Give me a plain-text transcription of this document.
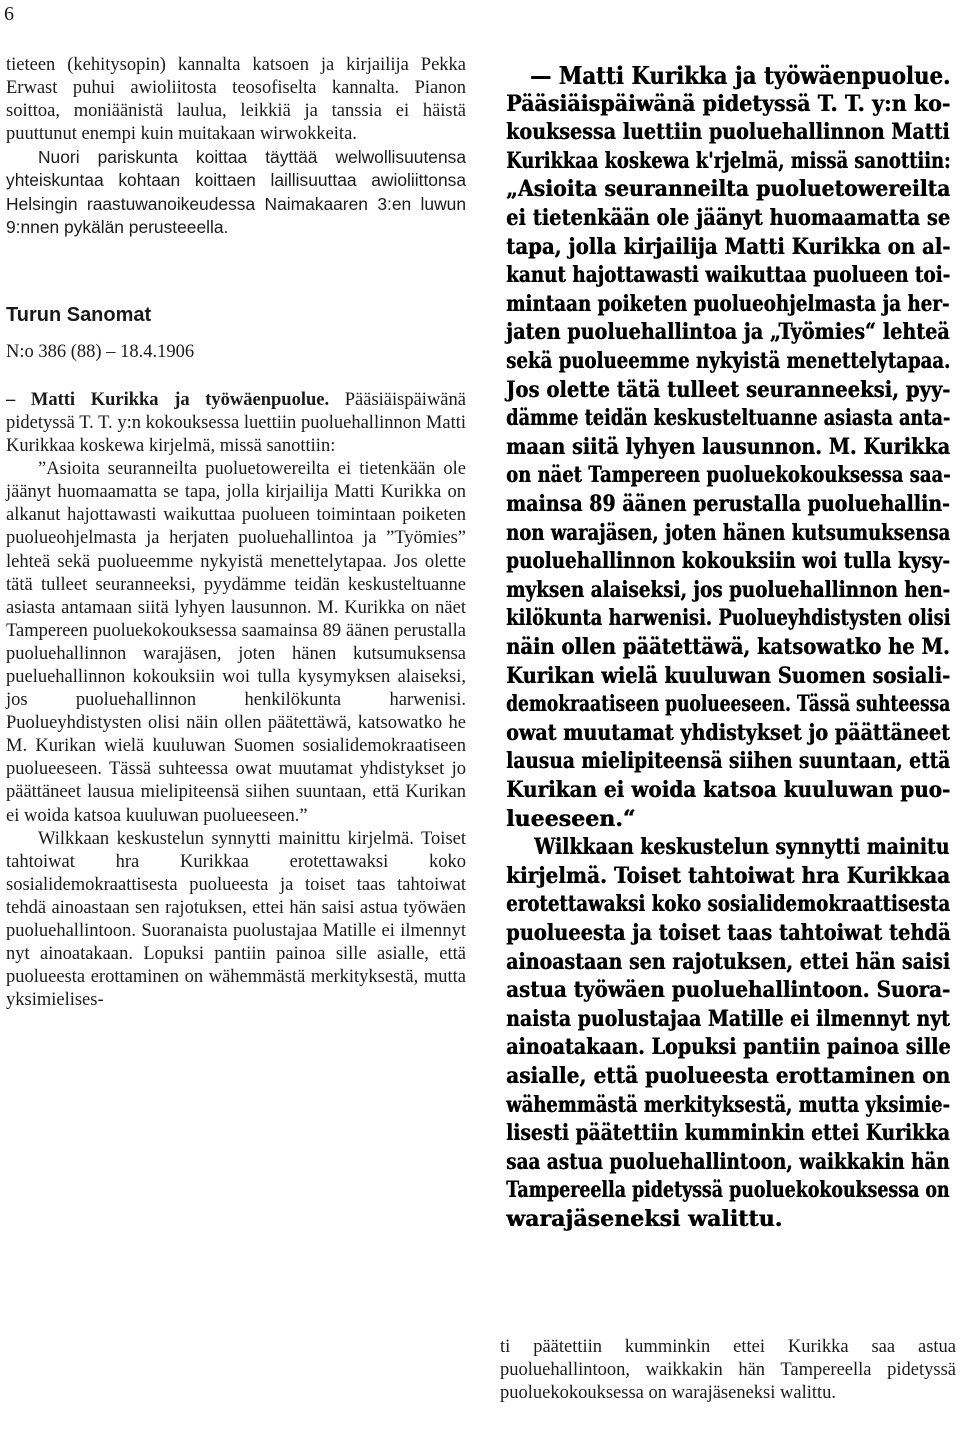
6

tieteen (kehitysopin) kannalta katsoen ja kirjailija Pekka Erwast puhui awioliitosta teosofiselta kannalta. Pianon soittoa, moniäänistä laulua, leikkiä ja tanssia ei häistä puuttunut enempi kuin muitakaan wirwokkeita.

Nuori pariskunta koittaa täyttää welwollisuutensa yhteiskuntaa kohtaan koittaen laillisuuttaa awioliittonsa Helsingin raastuwanoikeudessa Naimakaaren 3:en luwun 9:nnen pykälän perusteeella.

Turun Sanomat
N:o 386 (88) – 18.4.1906

– Matti Kurikka ja työwäenpuolue. Pääsiäispäiwänä pidetyssä T. T. y:n kokouksessa luettiin puoluehallinnon Matti Kurikkaa koskewa kirjelmä, missä sanottiin:

”Asioita seuranneilta puoluetowereilta ei tietenkään ole jäänyt huomaamatta se tapa, jolla kirjailija Matti Kurikka on alkanut hajottawasti waikuttaa puolueen toimintaan poiketen puolueohjelmasta ja herjaten puoluehallintoa ja ”Työmies” lehteä sekä puolueemme nykyistä menettelytapaa. Jos olette tätä tulleet seuranneeksi, pyydämme teidän keskusteltuanne asiasta antamaan siitä lyhyen lausunnon. M. Kurikka on näet Tampereen puoluekokouksessa saamainsa 89 äänen perustalla puoluehallinnon warajäsen, joten hänen kutsumuksensa pueluehallinnon kokouksiin woi tulla kysymyksen alaiseksi, jos puoluehallinnon henkilökunta harwenisi. Puolueyhdistysten olisi näin ollen päätettäwä, katsowatko he M. Kurikan wielä kuuluwan Suomen sosialidemokraatiseen puolueeseen. Tässä suhteessa owat muutamat yhdistykset jo päättäneet lausua mielipiteensä siihen suuntaan, että Kurikan ei woida katsoa kuuluwan puolueeseen.”

Wilkkaan keskustelun synnytti mainittu kirjelmä. Toiset tahtoiwat hra Kurikkaa erotettawaksi koko sosialidemokraattisesta puolueesta ja toiset taas tahtoiwat tehdä ainoastaan sen rajotuksen, ettei hän saisi astua työwäen puoluehallintoon. Suoranaista puolustajaa Matille ei ilmennyt nyt ainoatakaan. Lopuksi pantiin painoa sille asialle, että puolueesta erottaminen on wähemmästä merkityksestä, mutta yksimielises-

— Matti Kurikka ja työwäenpuolue.
Pääsiäispäiwänä pidetyssä T. T. y:n ko-
kouksessa luettiin puoluehallinnon Matti
Kurikkaa koskewa k'rjelmä, missä sanottiin:
„Asioita seuranneilta puoluetowereilta
ei tietenkään ole jäänyt huomaamatta se
tapa, jolla kirjailija Matti Kurikka on al-
kanut hajottawasti waikuttaa puolueen toi-
mintaan poiketen puolueohjelmasta ja her-
jaten puoluehallintoa ja „Työmies“ lehteä
sekä puolueemme nykyistä menettelytapaa.
Jos olette tätä tulleet seuranneeksi, pyy-
dämme teidän keskusteltuanne asiasta anta-
maan siitä lyhyen lausunnon. M. Kurikka
on näet Tampereen puoluekokouksessa saa-
mainsa 89 äänen perustalla puoluehallin-
non warajäsen, joten hänen kutsumuksensa
puoluehallinnon kokouksiin woi tulla kysy-
myksen alaiseksi, jos puoluehallinnon hen-
kilökunta harwenisi. Puolueyhdistysten olisi
näin ollen päätettäwä, katsowatko he M.
Kurikan wielä kuuluwan Suomen sosiali-
demokraatiseen puolueeseen. Tässä suhteessa
owat muutamat yhdistykset jo päättäneet
lausua mielipiteensä siihen suuntaan, että
Kurikan ei woida katsoa kuuluwan puo-
lueeseen.“
Wilkkaan keskustelun synnytti mainitu
kirjelmä. Toiset tahtoiwat hra Kurikkaa
erotettawaksi koko sosialidemokraattisesta
puolueesta ja toiset taas tahtoiwat tehdä
ainoastaan sen rajotuksen, ettei hän saisi
astua työwäen puoluehallintoon. Suora-
naista puolustajaa Matille ei ilmennyt nyt
ainoatakaan. Lopuksi pantiin painoa sille
asialle, että puolueesta erottaminen on
wähemmästä merkityksestä, mutta yksimie-
lisesti päätettiin kumminkin ettei Kurikka
saa astua puoluehallintoon, waikkakin hän
Tampereella pidetyssä puoluekokouksessa on
warajäseneksi walittu.

ti päätettiin kumminkin ettei Kurikka saa astua puoluehallintoon, waikkakin hän Tampereella pidetyssä puoluekokouksessa on warajäseneksi walittu.
